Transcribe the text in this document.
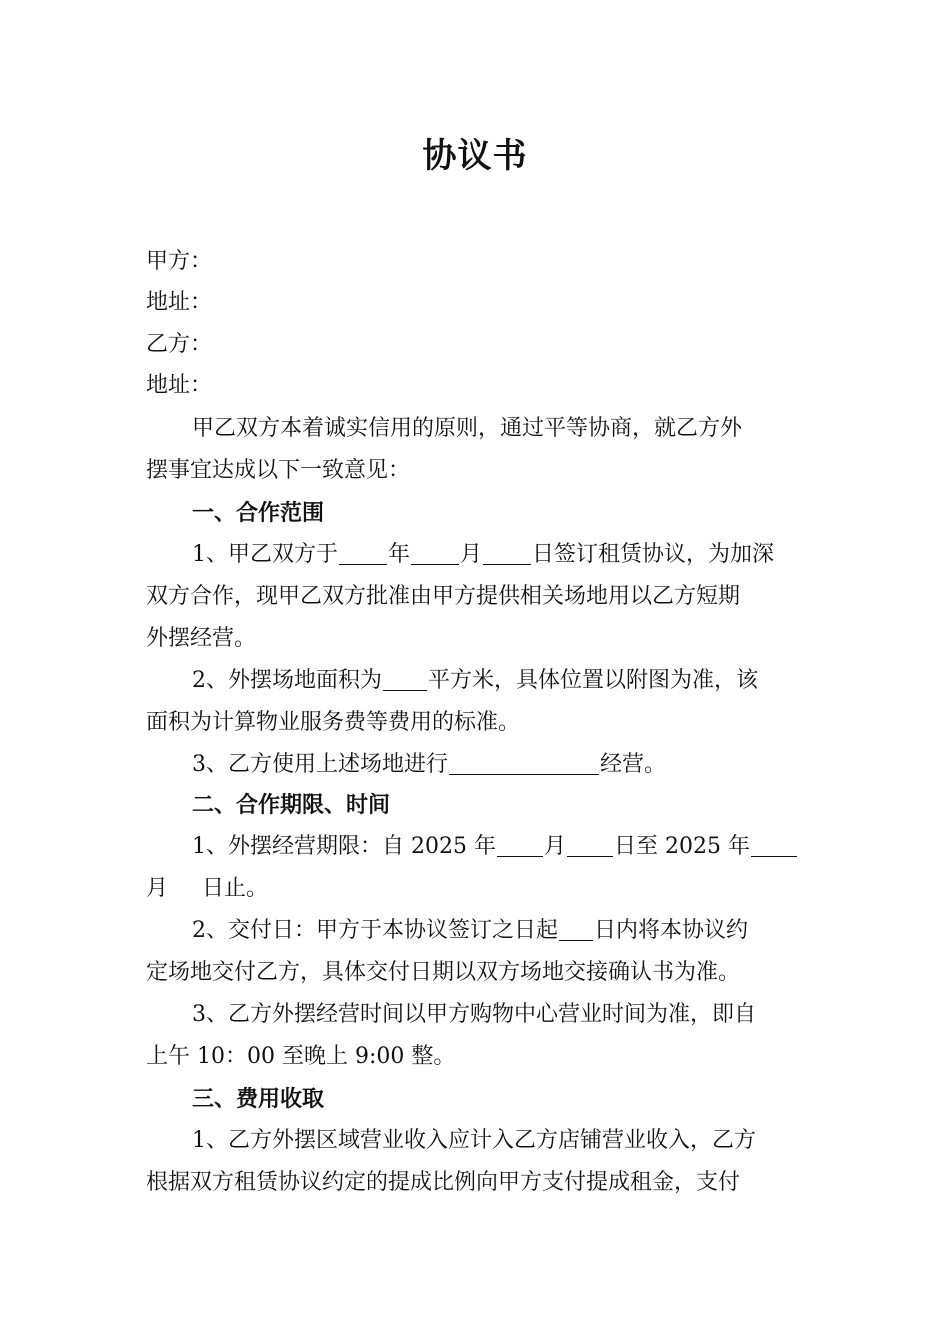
协议书
甲方：
地址：
乙方：
地址：
甲乙双方本着诚实信用的原则，通过平等协商，就乙方外
摆事宜达成以下一致意见：
一、合作范围
1、甲乙双方于 年 月 日签订租赁协议，为加深
双方合作，现甲乙双方批准由甲方提供相关场地用以乙方短期
外摆经营。
2、外摆场地面积为 平方米，具体位置以附图为准，该
面积为计算物业服务费等费用的标准。
3、乙方使用上述场地进行	经营。
二、合作期限、时间
1、外摆经营期限：自 2025 年 月 日至 2025 年
月 日止。
2、交付日：甲方于本协议签订之日起 日内将本协议约
定场地交付乙方，具体交付日期以双方场地交接确认书为准。
3、乙方外摆经营时间以甲方购物中心营业时间为准，即自
上午 10：00 至晚上 9:00 整。
三、费用收取
1、乙方外摆区域营业收入应计入乙方店铺营业收入，乙方
根据双方租赁协议约定的提成比例向甲方支付提成租金，支付
